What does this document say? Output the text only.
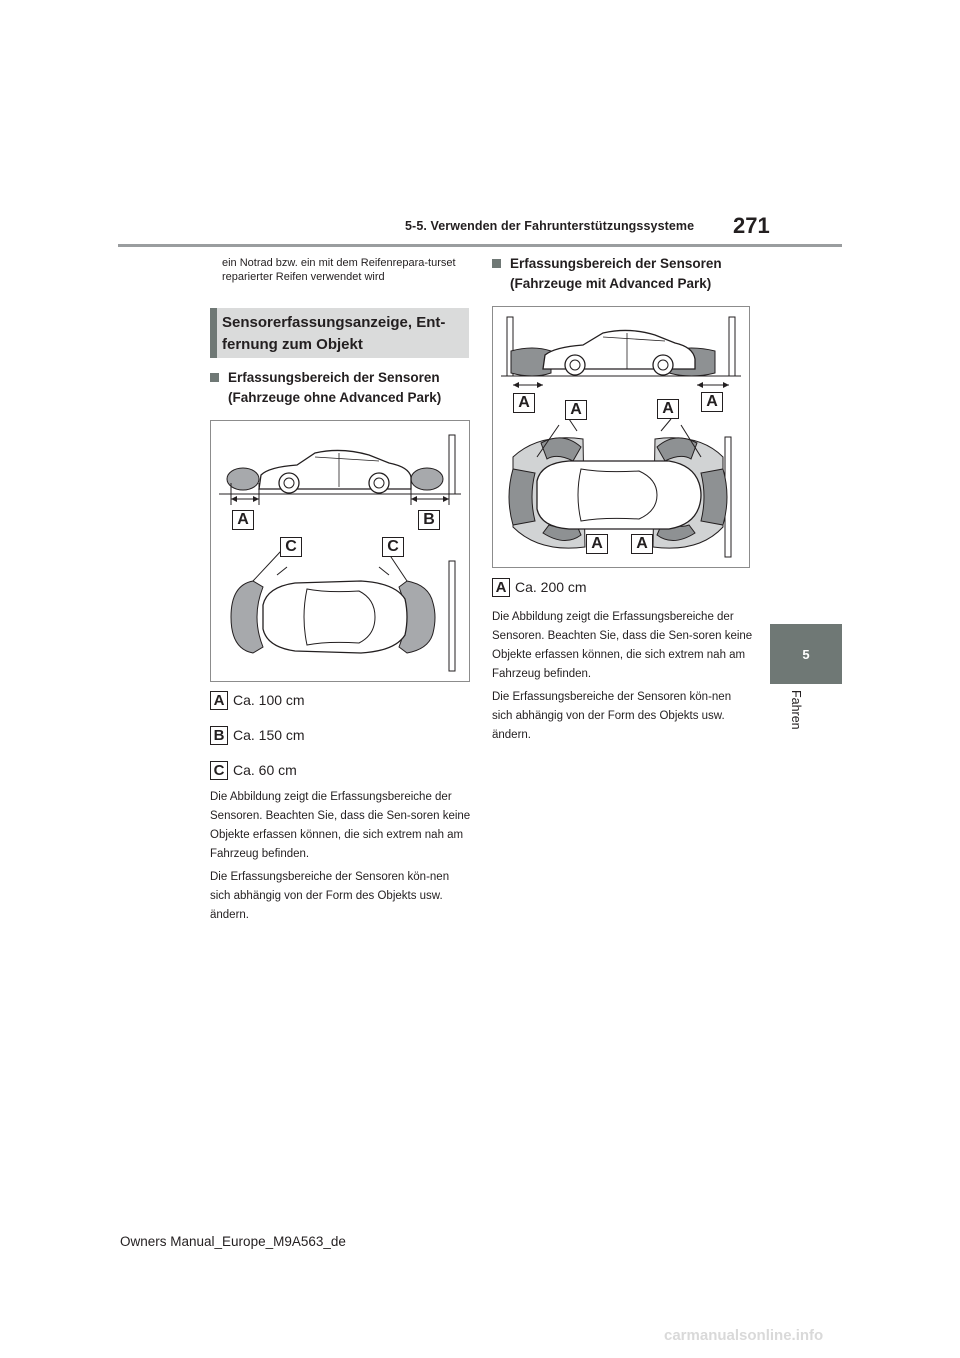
5-5. Verwenden der Fahrunterstützungssysteme 271
5
Fahren
ein Notrad bzw. ein mit dem Reifenrepara-turset reparierter Reifen verwendet wird
Sensorerfassungsanzeige, Ent-fernung zum Objekt
Erfassungsbereich der Sensoren
(Fahrzeuge ohne Advanced Park)
A	B
C	C
A Ca. 100 cm
B Ca. 150 cm
C Ca. 60 cm

Die Abbildung zeigt die Erfassungsbereiche der Sensoren. Beachten Sie, dass die Sen-soren keine Objekte erfassen können, die sich extrem nah am Fahrzeug befinden.

Die Erfassungsbereiche der Sensoren kön-nen sich abhängig von der Form des Objekts usw. ändern.

Erfassungsbereich der Sensoren
(Fahrzeuge mit Advanced Park)
A	A	A	A
A	A
A Ca. 200 cm

Die Abbildung zeigt die Erfassungsbereiche der Sensoren. Beachten Sie, dass die Sen-soren keine Objekte erfassen können, die sich extrem nah am Fahrzeug befinden.

Die Erfassungsbereiche der Sensoren kön-nen sich abhängig von der Form des Objekts usw. ändern.

Owners Manual_Europe_M9A563_de
carmanualsonline.info
